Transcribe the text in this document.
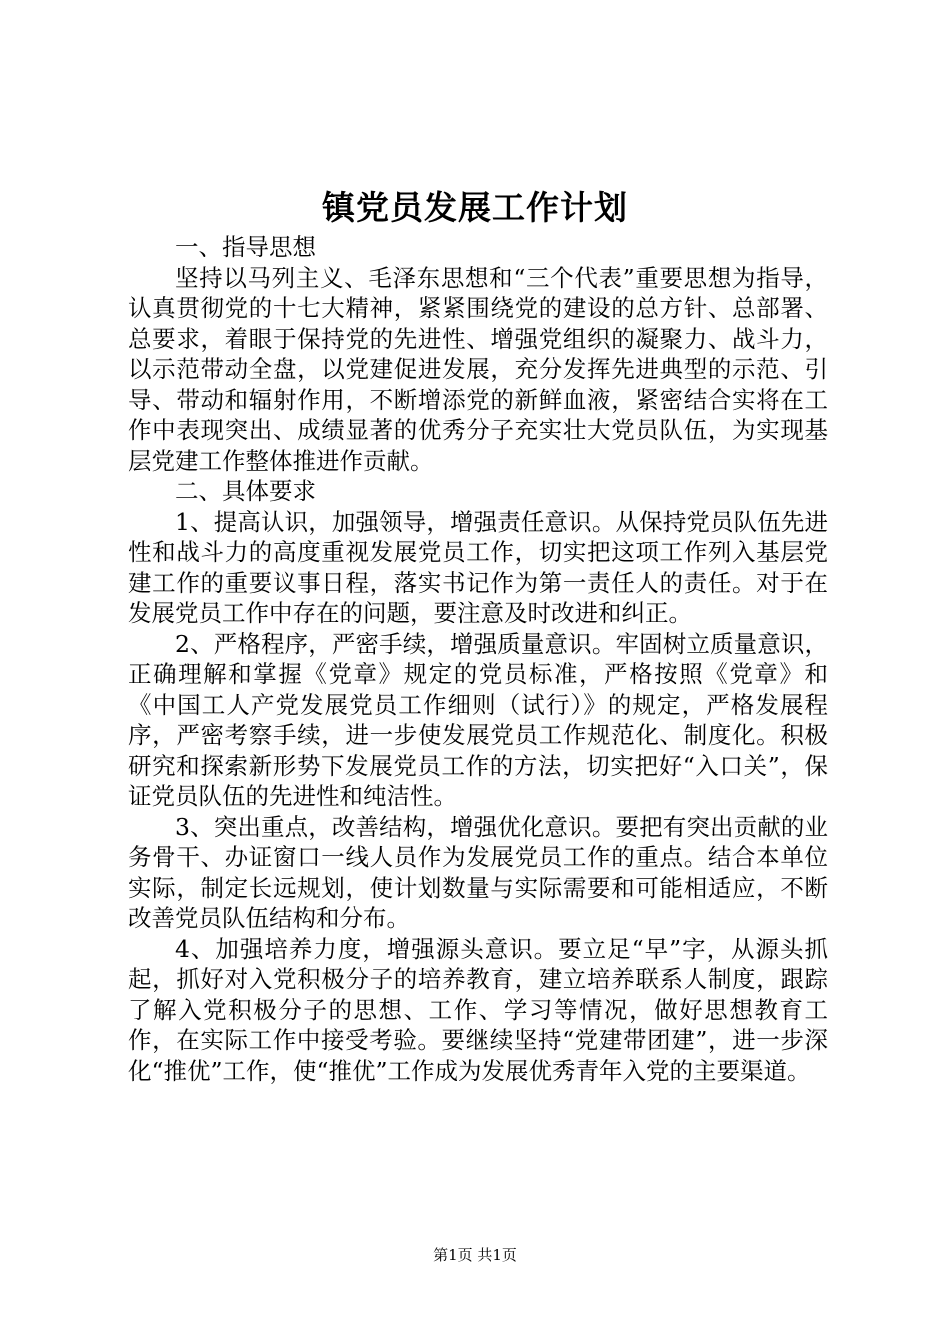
镇党员发展工作计划

一、指导思想

坚持以马列主义、毛泽东思想和“三个代表”重要思想为指导，认真贯彻党的十七大精神，紧紧围绕党的建设的总方针、总部署、总要求，着眼于保持党的先进性、增强党组织的凝聚力、战斗力，以示范带动全盘，以党建促进发展，充分发挥先进典型的示范、引导、带动和辐射作用，不断增添党的新鲜血液，紧密结合实将在工作中表现突出、成绩显著的优秀分子充实壮大党员队伍，为实现基层党建工作整体推进作贡献。

二、具体要求

1、提高认识，加强领导，增强责任意识。从保持党员队伍先进性和战斗力的高度重视发展党员工作，切实把这项工作列入基层党建工作的重要议事日程，落实书记作为第一责任人的责任。对于在发展党员工作中存在的问题，要注意及时改进和纠正。

2、严格程序，严密手续，增强质量意识。牢固树立质量意识，正确理解和掌握《党章》规定的党员标准，严格按照《党章》和《中国工人产党发展党员工作细则（试行）》的规定，严格发展程序，严密考察手续，进一步使发展党员工作规范化、制度化。积极研究和探索新形势下发展党员工作的方法，切实把好“入口关”，保证党员队伍的先进性和纯洁性。

3、突出重点，改善结构，增强优化意识。要把有突出贡献的业务骨干、办证窗口一线人员作为发展党员工作的重点。结合本单位实际，制定长远规划，使计划数量与实际需要和可能相适应，不断改善党员队伍结构和分布。

4、加强培养力度，增强源头意识。要立足“早”字，从源头抓起，抓好对入党积极分子的培养教育，建立培养联系人制度，跟踪了解入党积极分子的思想、工作、学习等情况，做好思想教育工作，在实际工作中接受考验。要继续坚持“党建带团建”，进一步深化“推优”工作，使“推优”工作成为发展优秀青年入党的主要渠道。

第1页 共1页
